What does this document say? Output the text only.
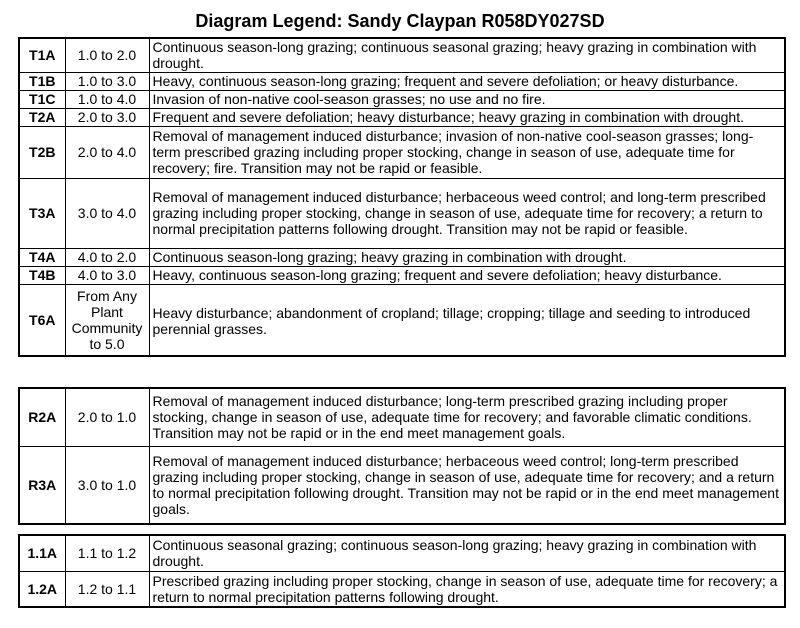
Diagram Legend: Sandy Claypan R058DY027SD
T1A	1.0 to 2.0	Continuous season-long grazing; continuous seasonal grazing; heavy grazing in combination with drought.
T1B	1.0 to 3.0	Heavy, continuous season-long grazing; frequent and severe defoliation; or heavy disturbance.
T1C	1.0 to 4.0	Invasion of non-native cool-season grasses; no use and no fire.
T2A	2.0 to 3.0	Frequent and severe defoliation; heavy disturbance; heavy grazing in combination with drought.
T2B	2.0 to 4.0	Removal of management induced disturbance; invasion of non-native cool-season grasses; long-term prescribed grazing including proper stocking, change in season of use, adequate time for recovery; fire. Transition may not be rapid or feasible.
T3A	3.0 to 4.0	Removal of management induced disturbance; herbaceous weed control; and long-term prescribed grazing including proper stocking, change in season of use, adequate time for recovery; a return to normal precipitation patterns following drought. Transition may not be rapid or feasible.
T4A	4.0 to 2.0	Continuous season-long grazing; heavy grazing in combination with drought.
T4B	4.0 to 3.0	Heavy, continuous season-long grazing; frequent and severe defoliation; heavy disturbance.
T6A	From Any Plant Community to 5.0	Heavy disturbance; abandonment of cropland; tillage; cropping; tillage and seeding to introduced perennial grasses.
R2A	2.0 to 1.0	Removal of management induced disturbance; long-term prescribed grazing including proper stocking, change in season of use, adequate time for recovery; and favorable climatic conditions. Transition may not be rapid or in the end meet management goals.
R3A	3.0 to 1.0	Removal of management induced disturbance; herbaceous weed control; long-term prescribed grazing including proper stocking, change in season of use, adequate time for recovery; and a return to normal precipitation following drought. Transition may not be rapid or in the end meet management goals.
1.1A	1.1 to 1.2	Continuous seasonal grazing; continuous season-long grazing; heavy grazing in combination with drought.
1.2A	1.2 to 1.1	Prescribed grazing including proper stocking, change in season of use, adequate time for recovery; a return to normal precipitation patterns following drought.
